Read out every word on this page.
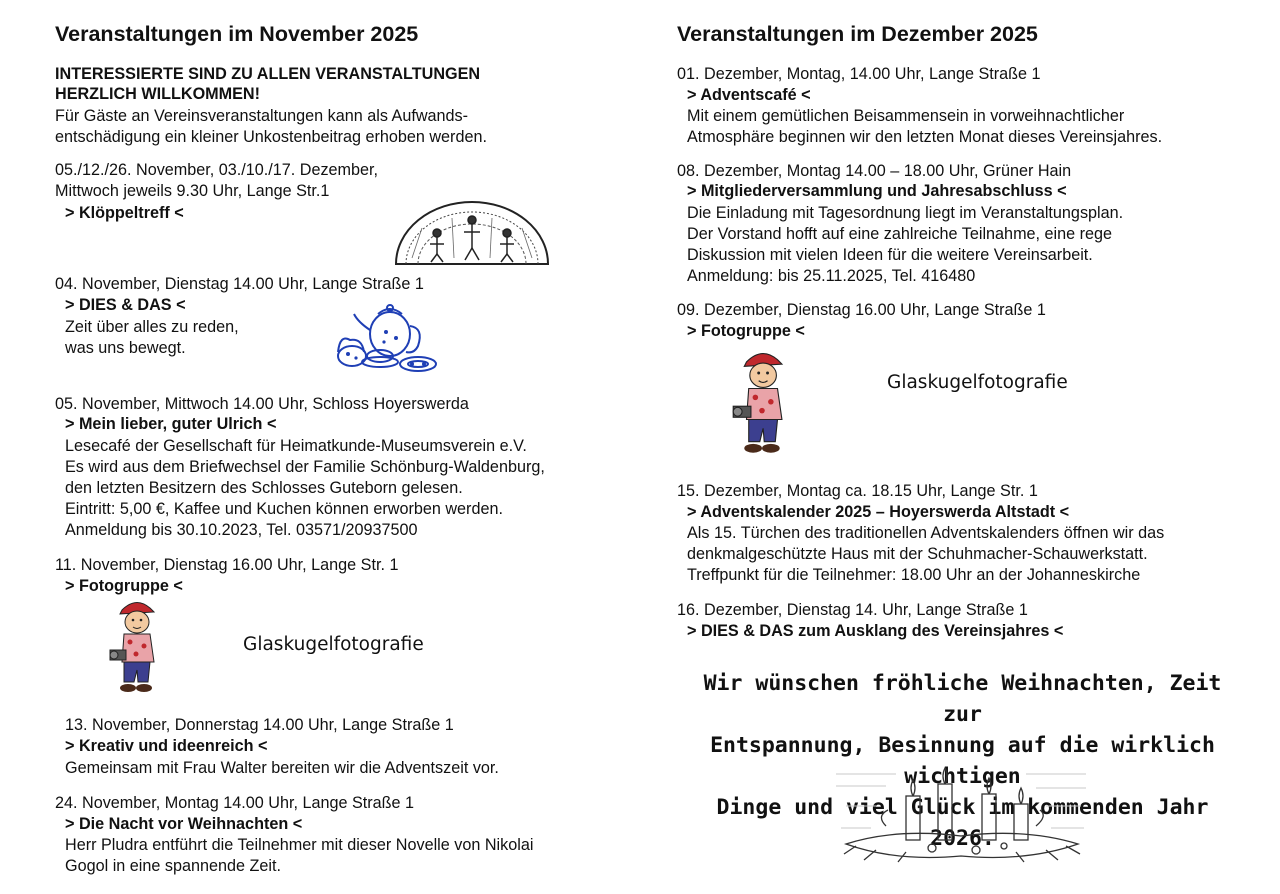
Veranstaltungen im November 2025
INTERESSIERTE SIND ZU ALLEN VERANSTALTUNGEN
HERZLICH WILLKOMMEN!
Für Gäste an Vereinsveranstaltungen kann als Aufwands-
entschädigung ein kleiner Unkostenbeitrag erhoben werden.
05./12./26. November, 03./10./17. Dezember,
Mittwoch jeweils 9.30 Uhr, Lange Str.1
> Klöppeltreff <
04. November, Dienstag 14.00 Uhr, Lange Straße 1
> DIES & DAS <
Zeit über alles zu reden,
was uns bewegt.
05. November, Mittwoch 14.00 Uhr, Schloss Hoyerswerda
> Mein lieber, guter Ulrich <
Lesecafé der Gesellschaft für Heimatkunde-Museumsverein e.V.
Es wird aus dem Briefwechsel der Familie Schönburg-Waldenburg,
den letzten Besitzern des Schlosses Guteborn gelesen.
Eintritt: 5,00 €, Kaffee und Kuchen können erworben werden.
Anmeldung bis 30.10.2023, Tel. 03571/20937500
11. November, Dienstag 16.00 Uhr, Lange Str. 1
> Fotogruppe <
Glaskugelfotografie
13. November, Donnerstag 14.00 Uhr, Lange Straße 1
> Kreativ und ideenreich <
Gemeinsam mit Frau Walter bereiten wir die Adventszeit vor.
24. November, Montag 14.00 Uhr, Lange Straße 1
> Die Nacht vor Weihnachten <
Herr Pludra entführt die Teilnehmer mit dieser Novelle von Nikolai
Gogol in eine spannende Zeit.
Veranstaltungen im Dezember 2025
01. Dezember, Montag, 14.00 Uhr, Lange Straße 1
> Adventscafé <
Mit einem gemütlichen Beisammensein in vorweihnachtlicher
Atmosphäre beginnen wir den letzten Monat dieses Vereinsjahres.
08. Dezember, Montag 14.00 – 18.00 Uhr, Grüner Hain
> Mitgliederversammlung und Jahresabschluss <
Die Einladung mit Tagesordnung liegt im Veranstaltungsplan.
Der Vorstand hofft auf eine zahlreiche Teilnahme, eine rege
Diskussion mit vielen Ideen für die weitere Vereinsarbeit.
Anmeldung: bis 25.11.2025, Tel. 416480
09. Dezember, Dienstag 16.00 Uhr, Lange Straße 1
> Fotogruppe <
Glaskugelfotografie
15. Dezember, Montag ca. 18.15 Uhr, Lange Str. 1
> Adventskalender 2025 – Hoyerswerda Altstadt <
Als 15. Türchen des traditionellen Adventskalenders öffnen wir das
denkmalgeschützte Haus mit der Schuhmacher-Schauwerkstatt.
Treffpunkt für die Teilnehmer: 18.00 Uhr an der Johanneskirche
16. Dezember, Dienstag 14. Uhr, Lange Straße 1
> DIES & DAS zum Ausklang des Vereinsjahres <
Wir wünschen fröhliche Weihnachten, Zeit zur
Entspannung, Besinnung auf die wirklich wichtigen
Dinge und viel Glück im kommenden Jahr 2026.
